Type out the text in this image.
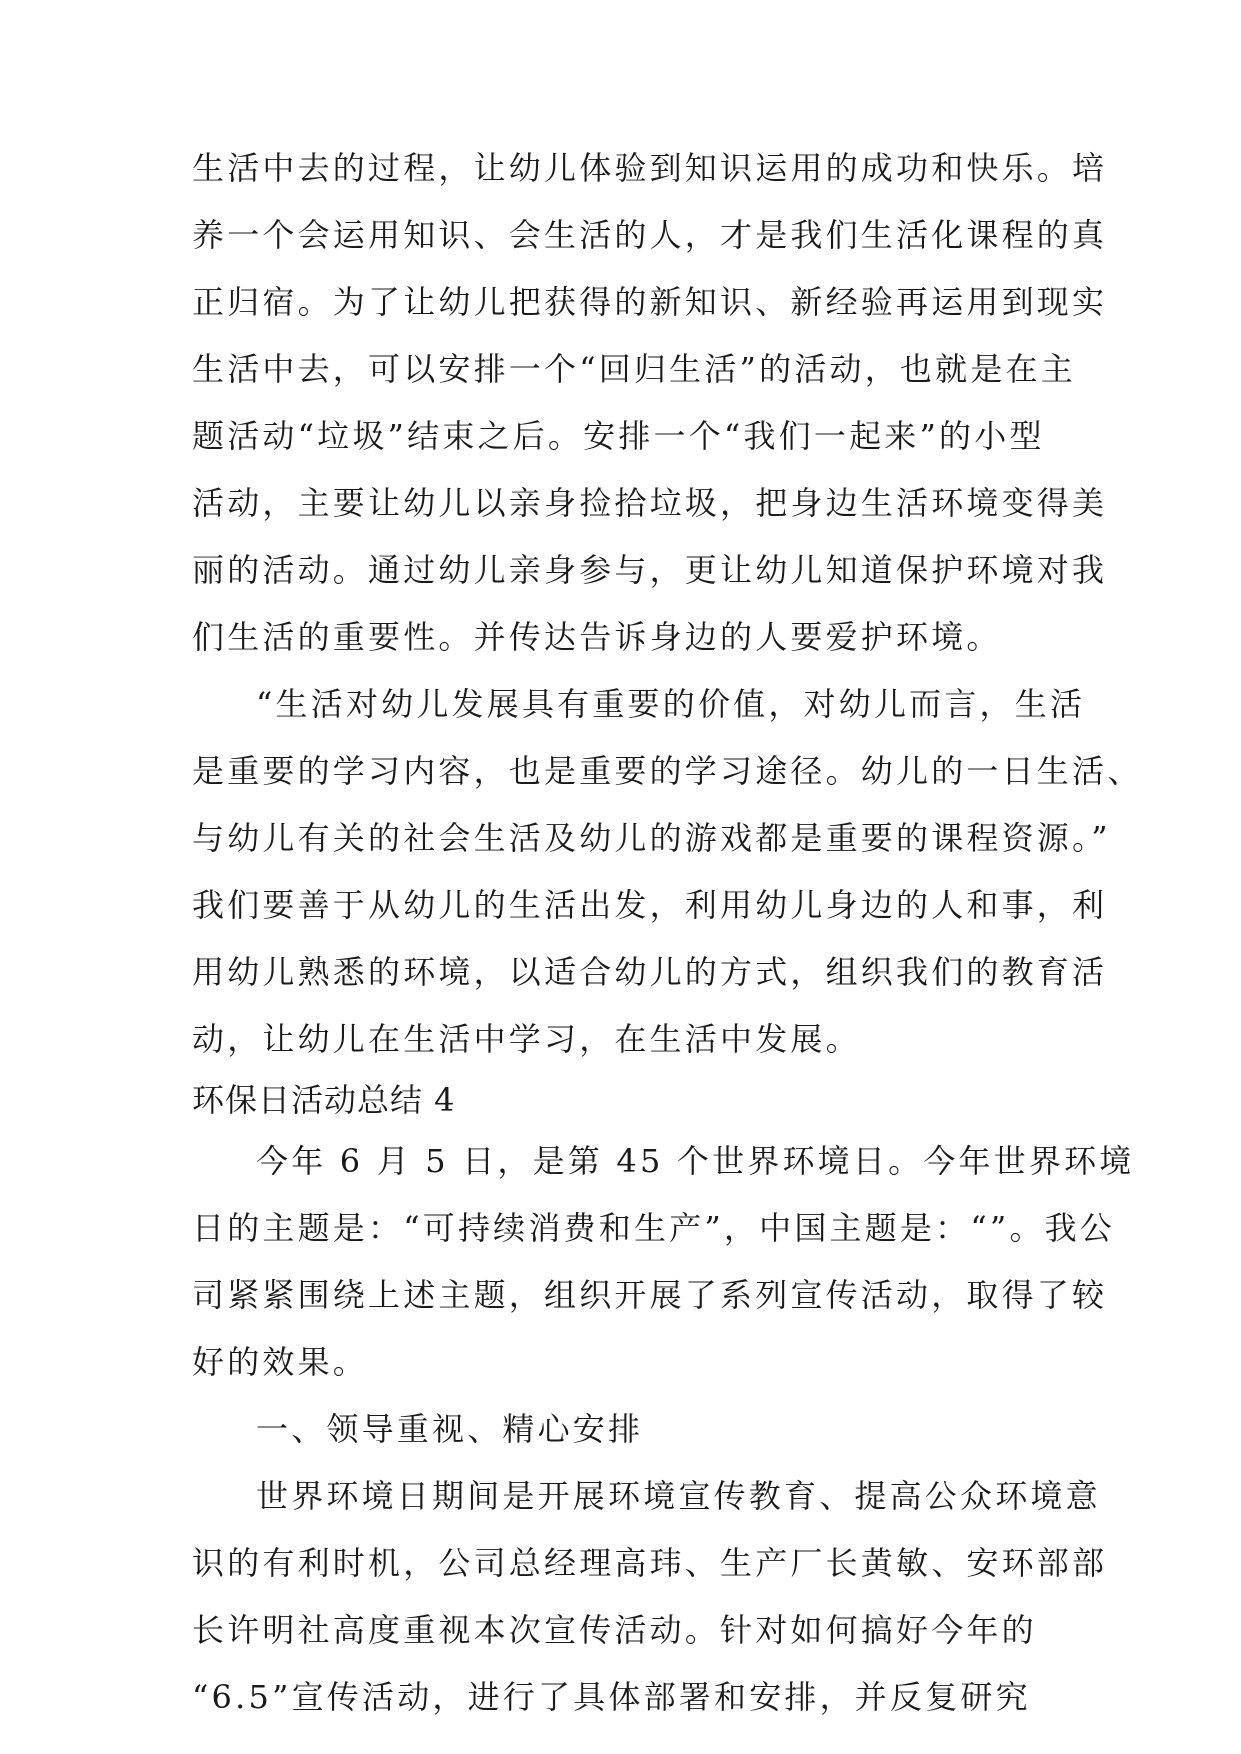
生活中去的过程，让幼儿体验到知识运用的成功和快乐。培
养一个会运用知识、会生活的人，才是我们生活化课程的真
正归宿。为了让幼儿把获得的新知识、新经验再运用到现实
生活中去，可以安排一个“回归生活”的活动，也就是在主
题活动“垃圾”结束之后。安排一个“我们一起来”的小型
活动，主要让幼儿以亲身捡拾垃圾，把身边生活环境变得美
丽的活动。通过幼儿亲身参与，更让幼儿知道保护环境对我
们生活的重要性。并传达告诉身边的人要爱护环境。
“生活对幼儿发展具有重要的价值，对幼儿而言，生活
是重要的学习内容，也是重要的学习途径。幼儿的一日生活、
与幼儿有关的社会生活及幼儿的游戏都是重要的课程资源。”
我们要善于从幼儿的生活出发，利用幼儿身边的人和事，利
用幼儿熟悉的环境，以适合幼儿的方式，组织我们的教育活
动，让幼儿在生活中学习，在生活中发展。
环保日活动总结 4
今年 6 月 5 日，是第 45 个世界环境日。今年世界环境
日的主题是：“可持续消费和生产”，中国主题是：“”。我公
司紧紧围绕上述主题，组织开展了系列宣传活动，取得了较
好的效果。
一、领导重视、精心安排
世界环境日期间是开展环境宣传教育、提高公众环境意
识的有利时机，公司总经理高玮、生产厂长黄敏、安环部部
长许明社高度重视本次宣传活动。针对如何搞好今年的
“6.5”宣传活动，进行了具体部署和安排，并反复研究
